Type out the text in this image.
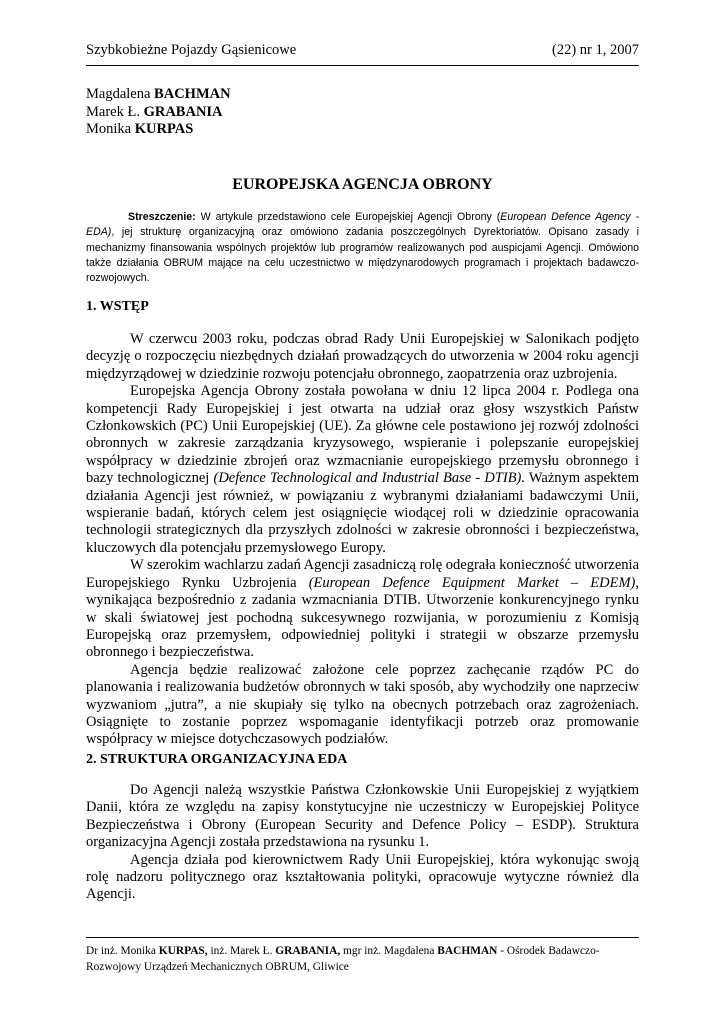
Szybkobieżne Pojazdy Gąsienicowe	(22) nr 1, 2007
Magdalena BACHMAN
Marek Ł. GRABANIA
Monika KURPAS
EUROPEJSKA AGENCJA OBRONY
Streszczenie: W artykule przedstawiono cele Europejskiej Agencji Obrony (European Defence Agency - EDA), jej strukturę organizacyjną oraz omówiono zadania poszczególnych Dyrektoriatów. Opisano zasady i mechanizmy finansowania wspólnych projektów lub programów realizowanych pod auspicjami Agencji. Omówiono także działania OBRUM mające na celu uczestnictwo w międzynarodowych programach i projektach badawczo-rozwojowych.
1. WSTĘP

W czerwcu 2003 roku, podczas obrad Rady Unii Europejskiej w Salonikach podjęto decyzję o rozpoczęciu niezbędnych działań prowadzących do utworzenia w 2004 roku agencji międzyrządowej w dziedzinie rozwoju potencjału obronnego, zaopatrzenia oraz uzbrojenia.

Europejska Agencja Obrony została powołana w dniu 12 lipca 2004 r. Podlega ona kompetencji Rady Europejskiej i jest otwarta na udział oraz głosy wszystkich Państw Członkowskich (PC) Unii Europejskiej (UE). Za główne cele postawiono jej rozwój zdolności obronnych w zakresie zarządzania kryzysowego, wspieranie i polepszanie europejskiej współpracy w dziedzinie zbrojeń oraz wzmacnianie europejskiego przemysłu obronnego i bazy technologicznej (Defence Technological and Industrial Base - DTIB). Ważnym aspektem działania Agencji jest również, w powiązaniu z wybranymi działaniami badawczymi Unii, wspieranie badań, których celem jest osiągnięcie wiodącej roli w dziedzinie opracowania technologii strategicznych dla przyszłych zdolności w zakresie obronności i bezpieczeństwa, kluczowych dla potencjału przemysłowego Europy.

W szerokim wachlarzu zadań Agencji zasadniczą rolę odegrała konieczność utworzenia Europejskiego Rynku Uzbrojenia (European Defence Equipment Market – EDEM), wynikająca bezpośrednio z zadania wzmacniania DTIB. Utworzenie konkurencyjnego rynku w skali światowej jest pochodną sukcesywnego rozwijania, w porozumieniu z Komisją Europejską oraz przemysłem, odpowiedniej polityki i strategii w obszarze przemysłu obronnego i bezpieczeństwa.

Agencja będzie realizować założone cele poprzez zachęcanie rządów PC do planowania i realizowania budżetów obronnych w taki sposób, aby wychodziły one naprzeciw wyzwaniom „jutra”, a nie skupiały się tylko na obecnych potrzebach oraz zagrożeniach. Osiągnięte to zostanie poprzez wspomaganie identyfikacji potrzeb oraz promowanie współpracy w miejsce dotychczasowych podziałów.

2. STRUKTURA ORGANIZACYJNA EDA

Do Agencji należą wszystkie Państwa Członkowskie Unii Europejskiej z wyjątkiem Danii, która ze względu na zapisy konstytucyjne nie uczestniczy w Europejskiej Polityce Bezpieczeństwa i Obrony (European Security and Defence Policy – ESDP). Struktura organizacyjna Agencji została przedstawiona na rysunku 1.

Agencja działa pod kierownictwem Rady Unii Europejskiej, która wykonując swoją rolę nadzoru politycznego oraz kształtowania polityki, opracowuje wytyczne również dla Agencji.

Dr inż. Monika KURPAS, inż. Marek Ł. GRABANIA, mgr inż. Magdalena BACHMAN - Ośrodek Badawczo-Rozwojowy Urządzeń Mechanicznych OBRUM, Gliwice
